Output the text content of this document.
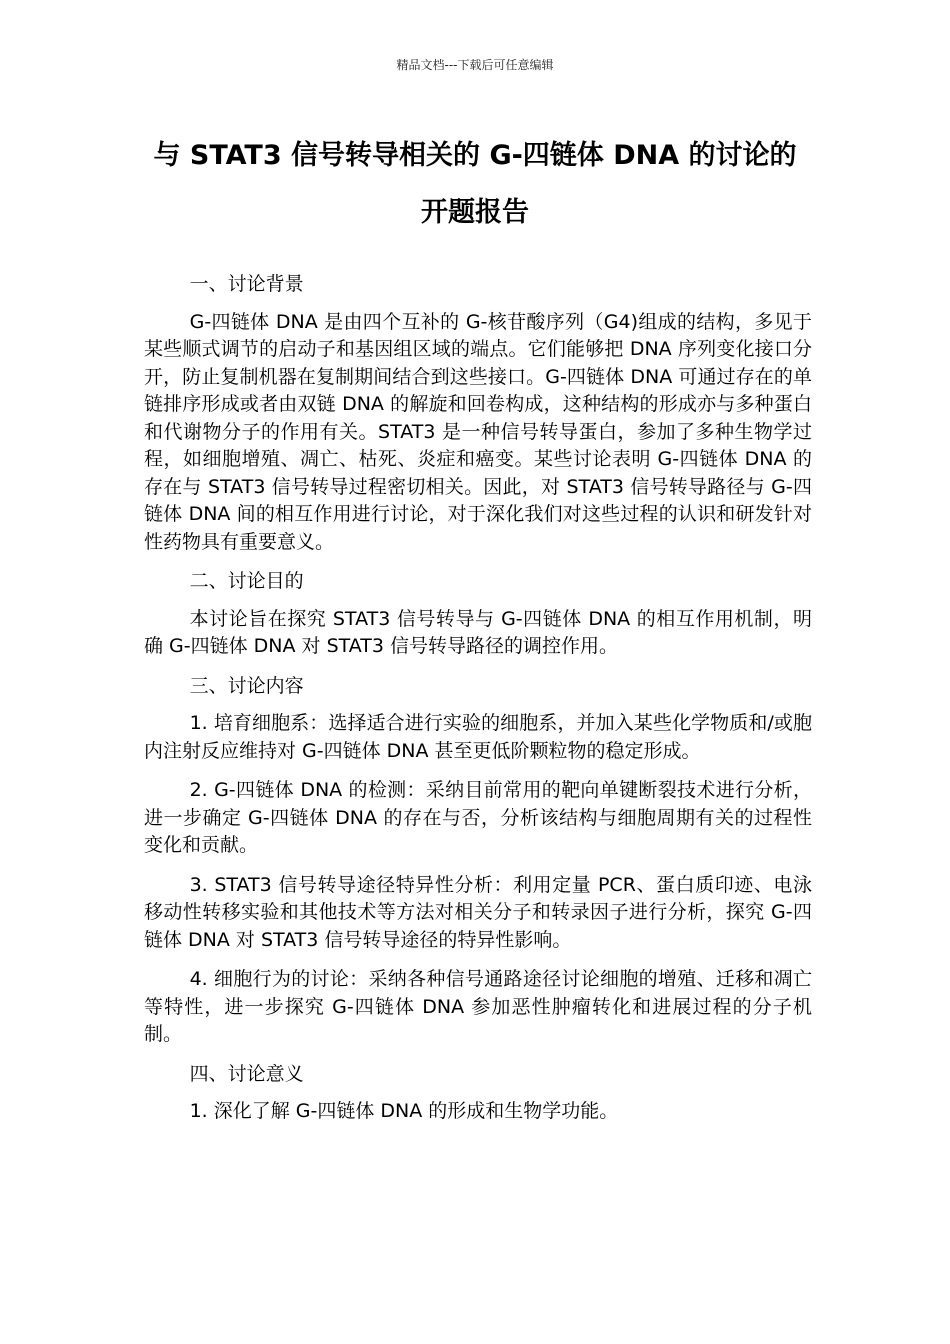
精品文档---下载后可任意编辑
与 STAT3 信号转导相关的 G-四链体 DNA 的讨论的
开题报告

一、讨论背景

G-四链体 DNA 是由四个互补的 G-核苷酸序列（G4)组成的结构，多见于某些顺式调节的启动子和基因组区域的端点。它们能够把 DNA 序列变化接口分开，防止复制机器在复制期间结合到这些接口。G-四链体 DNA 可通过存在的单链排序形成或者由双链 DNA 的解旋和回卷构成，这种结构的形成亦与多种蛋白和代谢物分子的作用有关。STAT3 是一种信号转导蛋白，参加了多种生物学过程，如细胞增殖、凋亡、枯死、炎症和癌变。某些讨论表明 G-四链体 DNA 的存在与 STAT3 信号转导过程密切相关。因此，对 STAT3 信号转导路径与 G-四链体 DNA 间的相互作用进行讨论，对于深化我们对这些过程的认识和研发针对性药物具有重要意义。

二、讨论目的

本讨论旨在探究 STAT3 信号转导与 G-四链体 DNA 的相互作用机制，明确 G-四链体 DNA 对 STAT3 信号转导路径的调控作用。

三、讨论内容

1. 培育细胞系：选择适合进行实验的细胞系，并加入某些化学物质和/或胞内注射反应维持对 G-四链体 DNA 甚至更低阶颗粒物的稳定形成。

2. G-四链体 DNA 的检测：采纳目前常用的靶向单键断裂技术进行分析，进一步确定 G-四链体 DNA 的存在与否，分析该结构与细胞周期有关的过程性变化和贡献。

3. STAT3 信号转导途径特异性分析：利用定量 PCR、蛋白质印迹、电泳移动性转移实验和其他技术等方法对相关分子和转录因子进行分析，探究 G-四链体 DNA 对 STAT3 信号转导途径的特异性影响。

4. 细胞行为的讨论：采纳各种信号通路途径讨论细胞的增殖、迁移和凋亡等特性，进一步探究 G-四链体 DNA 参加恶性肿瘤转化和进展过程的分子机制。

四、讨论意义

1. 深化了解 G-四链体 DNA 的形成和生物学功能。
